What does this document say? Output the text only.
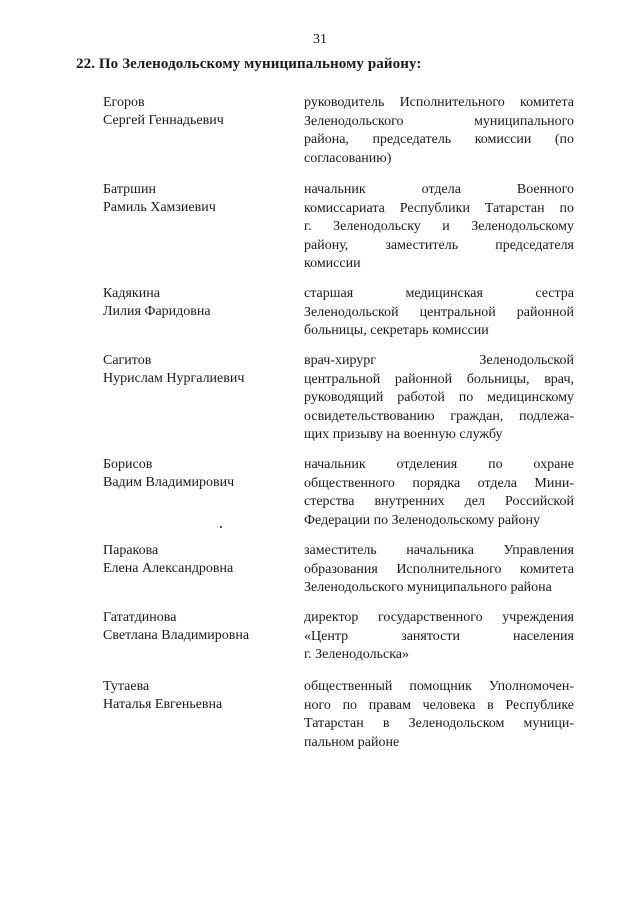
31
22. По Зеленодольскому муниципальному району:
Егоров
Сергей Геннадьевич
руководитель Исполнительного комитета
Зеленодольского муниципального
района, председатель комиссии (по
согласованию)
Батршин
Рамиль Хамзиевич
начальник отдела Военного
комиссариата Республики Татарстан по
г. Зеленодольску и Зеленодольскому
району, заместитель председателя
комиссии
Кадякина
Лилия Фаридовна
старшая медицинская сестра
Зеленодольской центральной районной
больницы, секретарь комиссии
Сагитов
Нурислам Нургалиевич
врач-хирург Зеленодольской
центральной районной больницы, врач,
руководящий работой по медицинскому
освидетельствованию граждан, подлежа-
щих призыву на военную службу
Борисов
Вадим Владимирович
начальник отделения по охране
общественного порядка отдела Мини-
стерства внутренних дел Российской
Федерации по Зеленодольскому району
Паракова
Елена Александровна
заместитель начальника Управления
образования Исполнительного комитета
Зеленодольского муниципального района
Гататдинова
Светлана Владимировна
директор государственного учреждения
«Центр занятости населения
г. Зеленодольска»
Тутаева
Наталья Евгеньевна
общественный помощник Уполномочен-
ного по правам человека в Республике
Татарстан в Зеленодольском муници-
пальном районе
